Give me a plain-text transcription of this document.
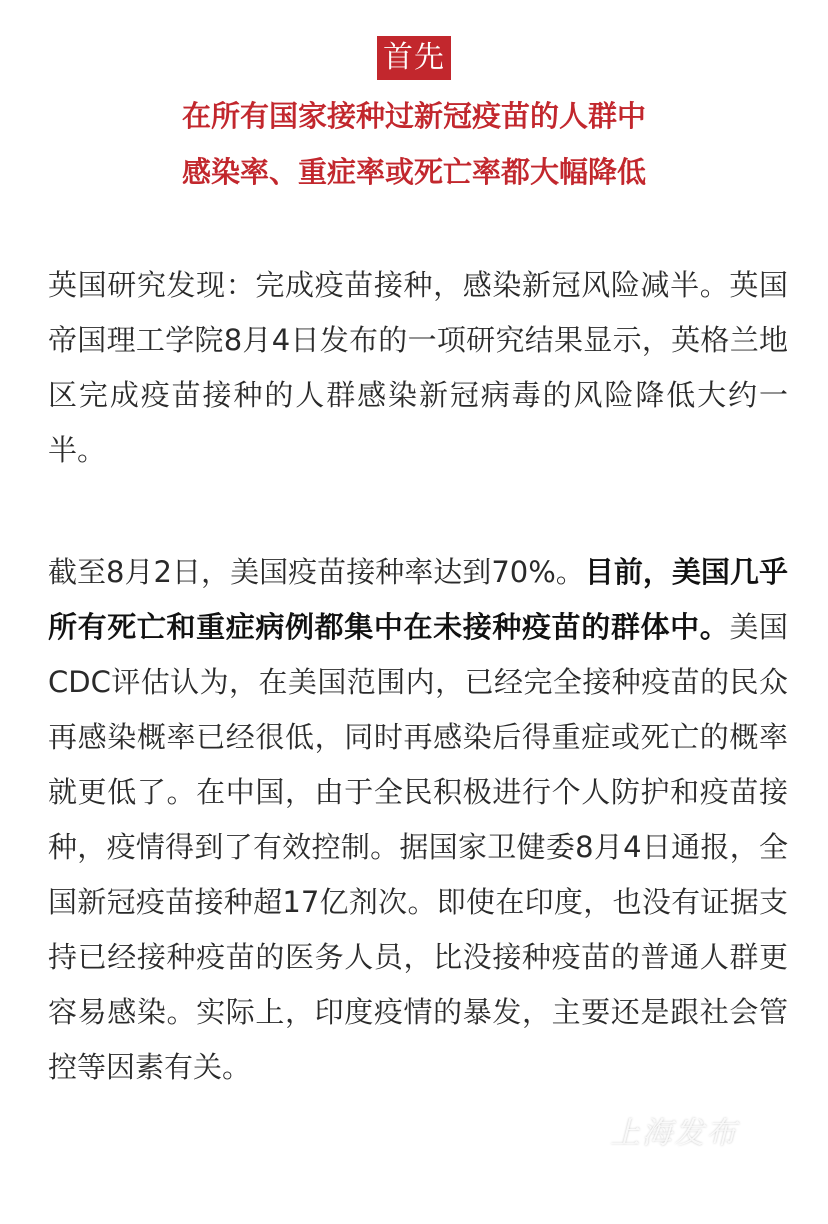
首先
在所有国家接种过新冠疫苗的人群中
感染率、重症率或死亡率都大幅降低

英国研究发现：完成疫苗接种，感染新冠风险减半。英国帝国理工学院8月4日发布的一项研究结果显示，英格兰地区完成疫苗接种的人群感染新冠病毒的风险降低大约一半。

截至8月2日，美国疫苗接种率达到70%。目前，美国几乎所有死亡和重症病例都集中在未接种疫苗的群体中。美国CDC评估认为，在美国范围内，已经完全接种疫苗的民众再感染概率已经很低，同时再感染后得重症或死亡的概率就更低了。在中国，由于全民积极进行个人防护和疫苗接种，疫情得到了有效控制。据国家卫健委8月4日通报，全国新冠疫苗接种超17亿剂次。即使在印度，也没有证据支持已经接种疫苗的医务人员，比没接种疫苗的普通人群更容易感染。实际上，印度疫情的暴发，主要还是跟社会管控等因素有关。

上海发布
